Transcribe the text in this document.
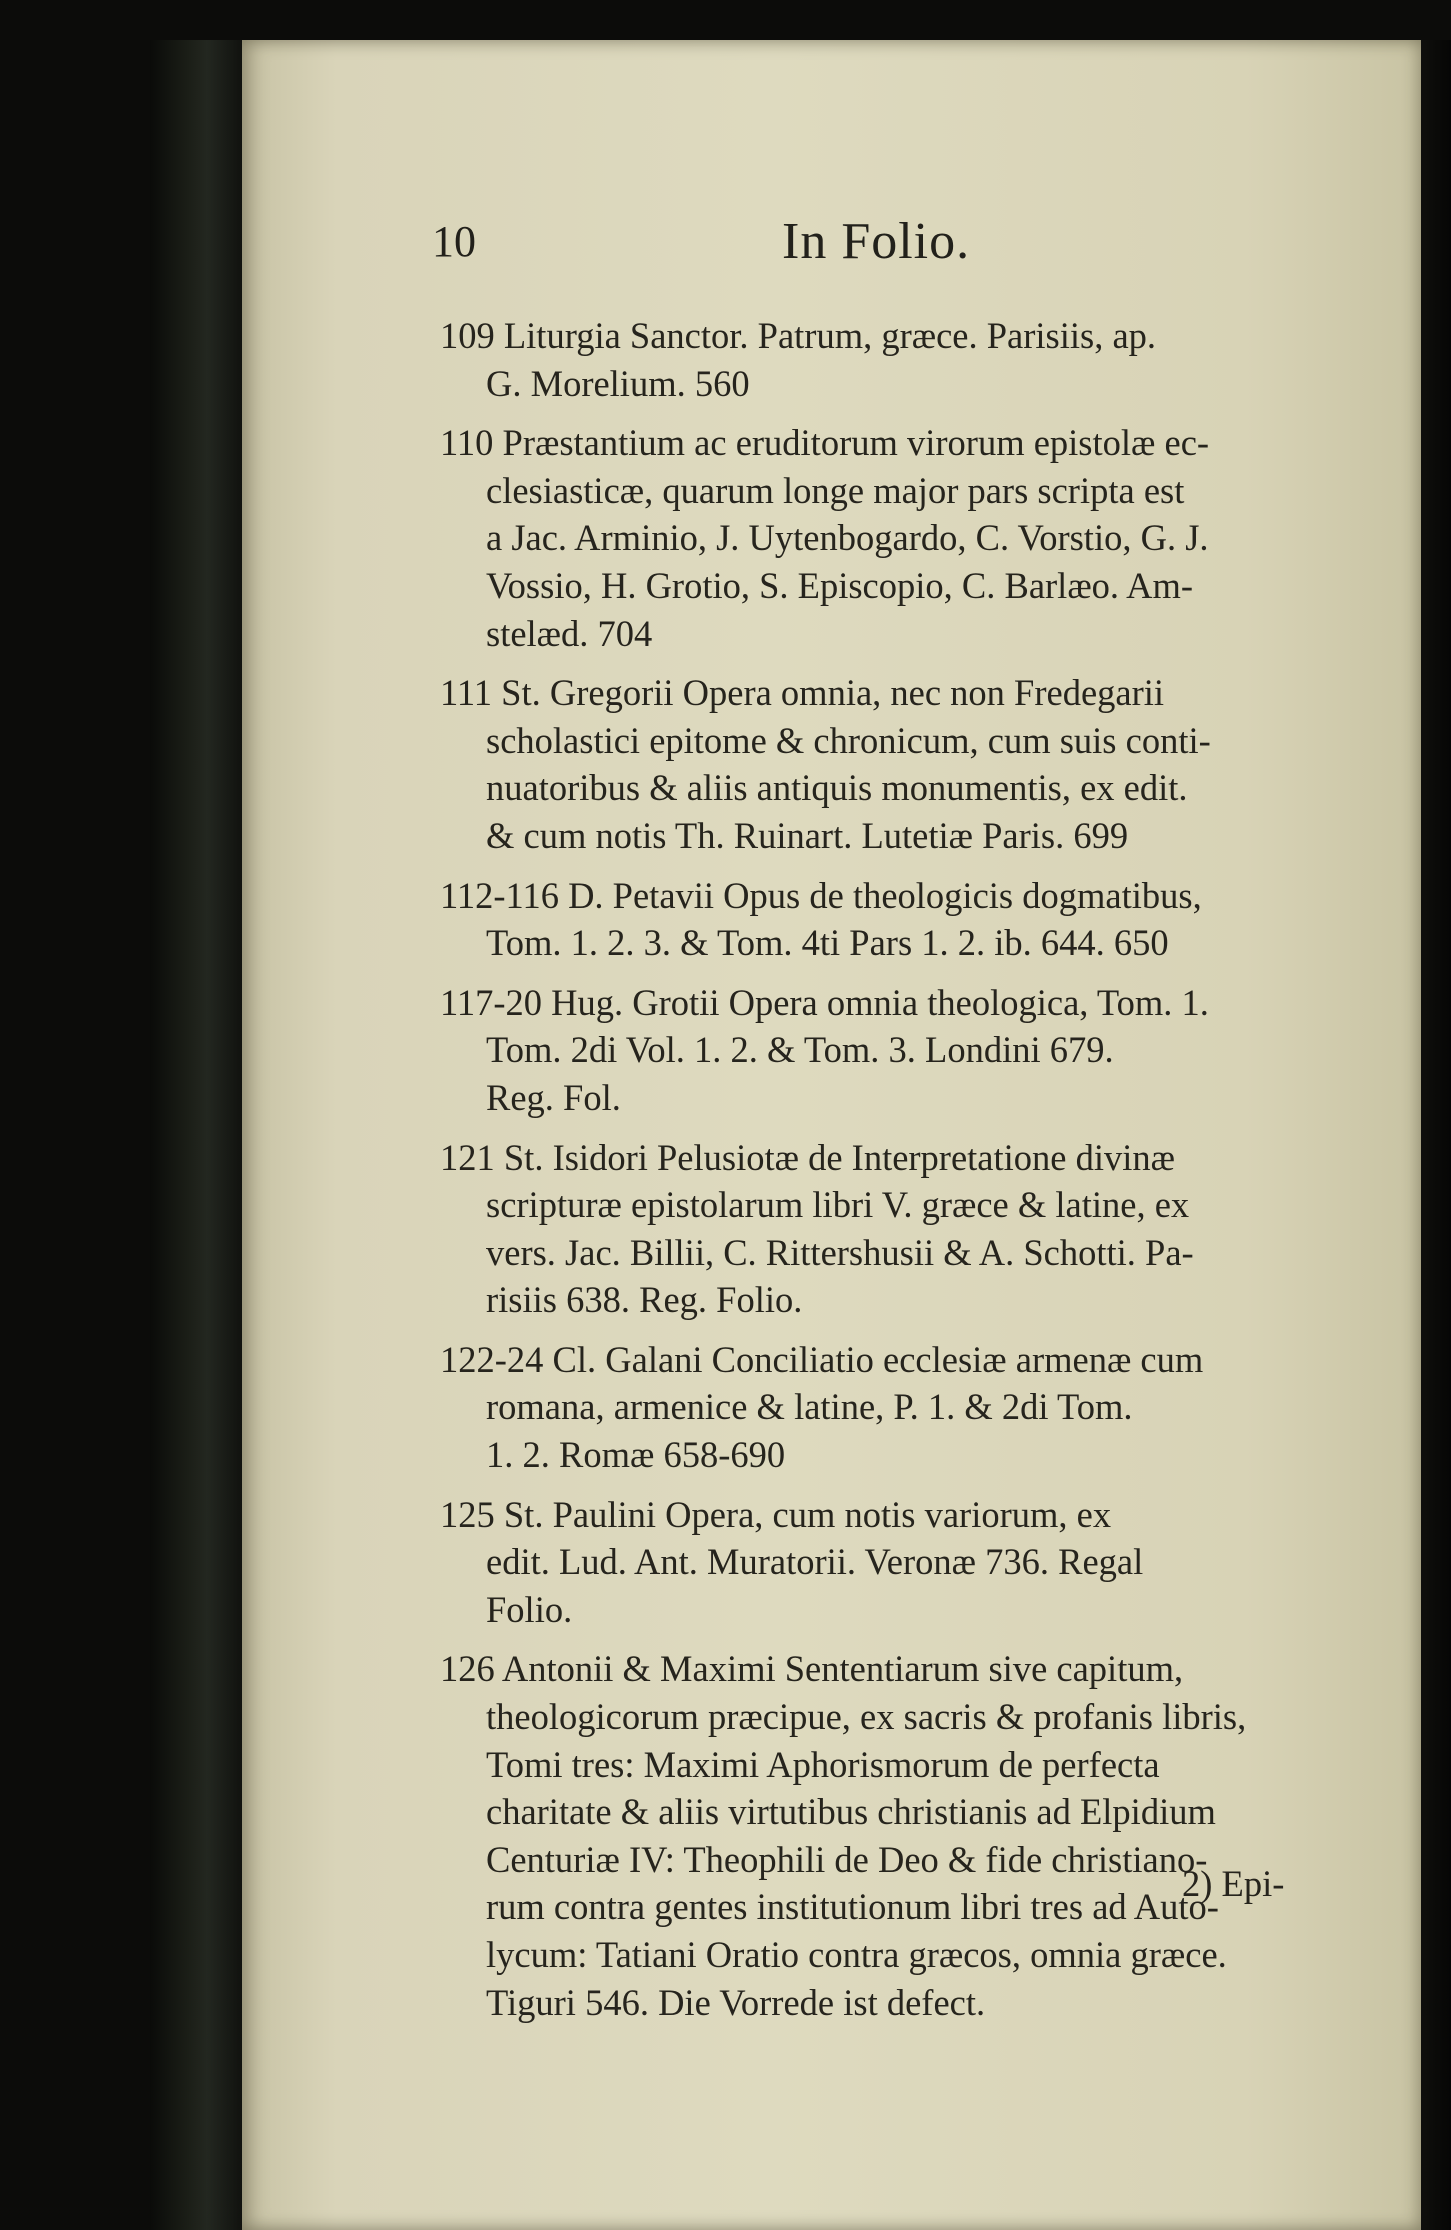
10	In Folio.
109 Liturgia Sanctor. Patrum, græce. Parisiis, ap.
G. Morelium. 560
110 Præstantium ac eruditorum virorum epistolæ ec-
clesiasticæ, quarum longe major pars scripta est
a Jac. Arminio, J. Uytenbogardo, C. Vorstio, G. J.
Vossio, H. Grotio, S. Episcopio, C. Barlæo. Am-
stelæd. 704
111 St. Gregorii Opera omnia, nec non Fredegarii
scholastici epitome & chronicum, cum suis conti-
nuatoribus & aliis antiquis monumentis, ex edit.
& cum notis Th. Ruinart. Lutetiæ Paris. 699
112-116 D. Petavii Opus de theologicis dogmatibus,
Tom. 1. 2. 3. & Tom. 4ti Pars 1. 2. ib. 644. 650
117-20 Hug. Grotii Opera omnia theologica, Tom. 1.
Tom. 2di Vol. 1. 2. & Tom. 3. Londini 679.
Reg. Fol.
121 St. Isidori Pelusiotæ de Interpretatione divinæ
scripturæ epistolarum libri V. græce & latine, ex
vers. Jac. Billii, C. Rittershusii & A. Schotti. Pa-
risiis 638. Reg. Folio.
122-24 Cl. Galani Conciliatio ecclesiæ armenæ cum
romana, armenice & latine, P. 1. & 2di Tom.
1. 2. Romæ 658-690
125 St. Paulini Opera, cum notis variorum, ex
edit. Lud. Ant. Muratorii. Veronæ 736. Regal
Folio.
126 Antonii & Maximi Sententiarum sive capitum,
theologicorum præcipue, ex sacris & profanis libris,
Tomi tres: Maximi Aphorismorum de perfecta
charitate & aliis virtutibus christianis ad Elpidium
Centuriæ IV: Theophili de Deo & fide christiano-
rum contra gentes institutionum libri tres ad Auto-
lycum: Tatiani Oratio contra græcos, omnia græce.
Tiguri 546. Die Vorrede ist defect.
2) Epi-
